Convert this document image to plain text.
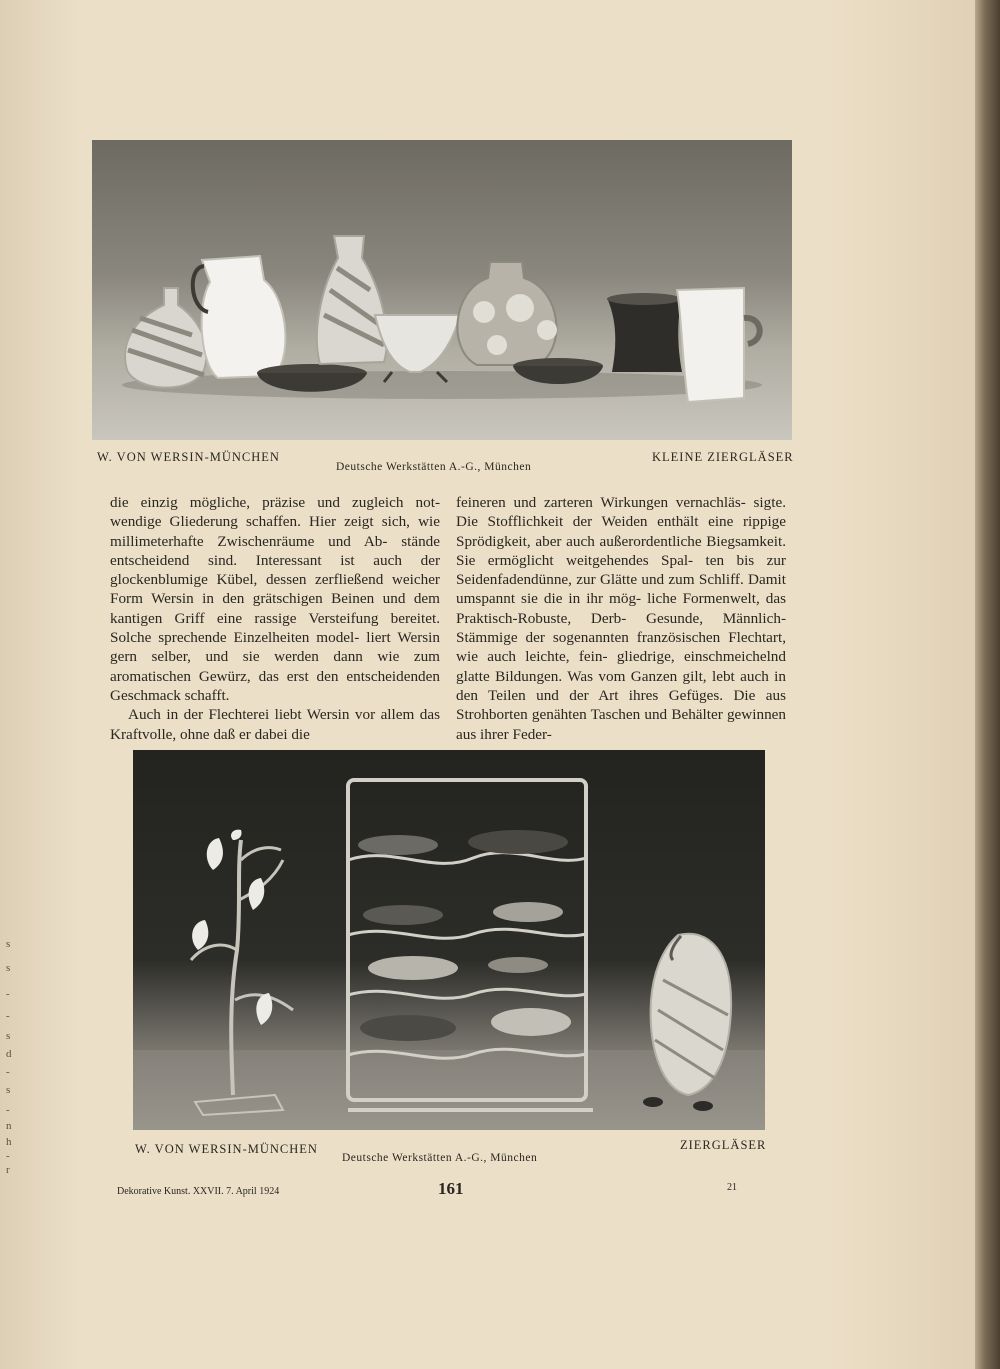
s
s
-
-
s
d
-
s
-
n
h
-
r
W. VON WERSIN-MÜNCHEN
Deutsche Werkstätten A.-G., München
KLEINE ZIERGLÄSER

die einzig mögliche, präzise und zugleich not- wendige Gliederung schaffen. Hier zeigt sich, wie millimeterhafte Zwischenräume und Ab- stände entscheidend sind. Interessant ist auch der glockenblumige Kübel, dessen zerfließend weicher Form Wersin in den grätschigen Beinen und dem kantigen Griff eine rassige Versteifung bereitet. Solche sprechende Einzelheiten model- liert Wersin gern selber, und sie werden dann wie zum aromatischen Gewürz, das erst den entscheidenden Geschmack schafft.

Auch in der Flechterei liebt Wersin vor allem das Kraftvolle, ohne daß er dabei die

feineren und zarteren Wirkungen vernachläs- sigte. Die Stofflichkeit der Weiden enthält eine rippige Sprödigkeit, aber auch außerordentliche Biegsamkeit. Sie ermöglicht weitgehendes Spal- ten bis zur Seidenfadendünne, zur Glätte und zum Schliff. Damit umspannt sie die in ihr mög- liche Formenwelt, das Praktisch-Robuste, Derb- Gesunde, Männlich-Stämmige der sogenannten französischen Flechtart, wie auch leichte, fein- gliedrige, einschmeichelnd glatte Bildungen. Was vom Ganzen gilt, lebt auch in den Teilen und der Art ihres Gefüges. Die aus Strohborten genähten Taschen und Behälter gewinnen aus ihrer Feder-

W. VON WERSIN-MÜNCHEN
Deutsche Werkstätten A.-G., München
ZIERGLÄSER
Dekorative Kunst. XXVII. 7. April 1924	161	21
